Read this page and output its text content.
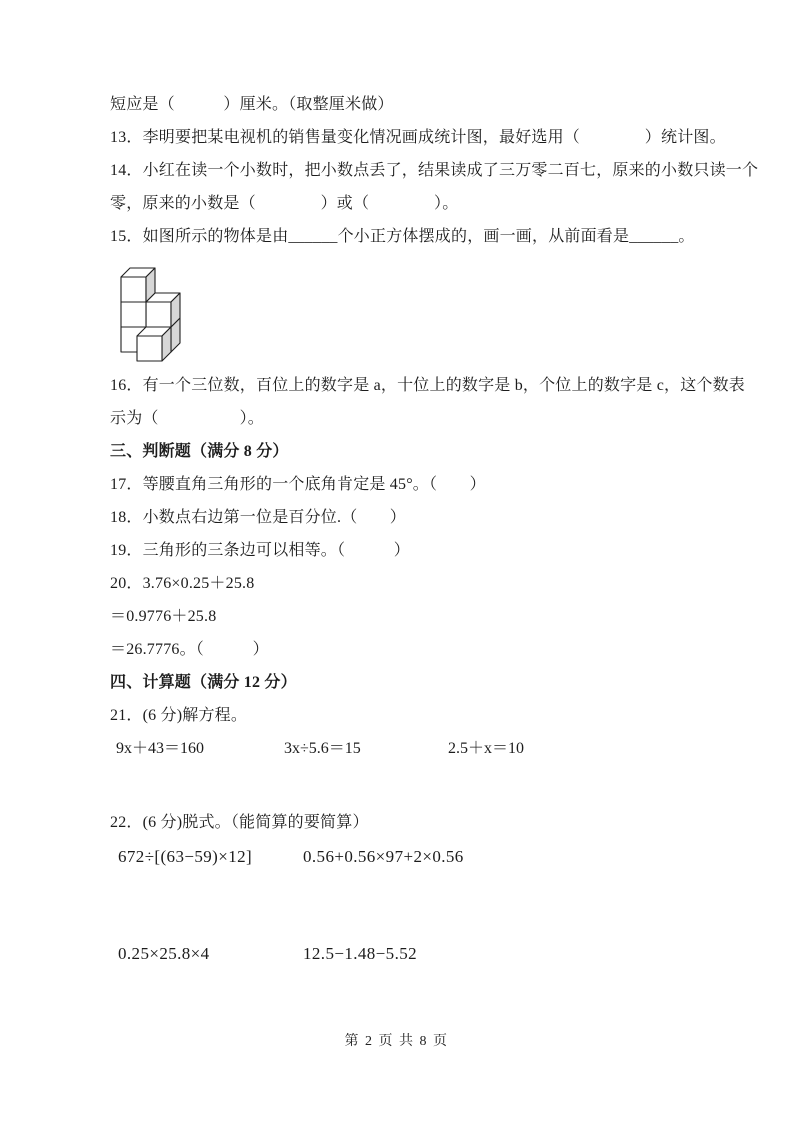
短应是（　　　）厘米。（取整厘米做）
13．李明要把某电视机的销售量变化情况画成统计图，最好选用（　　　　）统计图。
14．小红在读一个小数时，把小数点丢了，结果读成了三万零二百七，原来的小数只读一个
零，原来的小数是（　　　　）或（　　　　）。
15．如图所示的物体是由______个小正方体摆成的，画一画，从前面看是______。
16．有一个三位数，百位上的数字是 a，十位上的数字是 b，个位上的数字是 c，这个数表
示为（　　　　　）。
三、判断题（满分 8 分）
17．等腰直角三角形的一个底角肯定是 45°。（　　）
18．小数点右边第一位是百分位.（　　）
19．三角形的三条边可以相等。（　　　）
20．3.76×0.25＋25.8
＝0.9776＋25.8
＝26.7776。（　　　）
四、计算题（满分 12 分）
21．(6 分)解方程。
9x＋43＝160	3x÷5.6＝15	2.5＋x＝10
22．(6 分)脱式。（能简算的要简算）
672÷[(63−59)×12]	0.56+0.56×97+2×0.56
0.25×25.8×4	12.5−1.48−5.52
第 2 页 共 8 页
